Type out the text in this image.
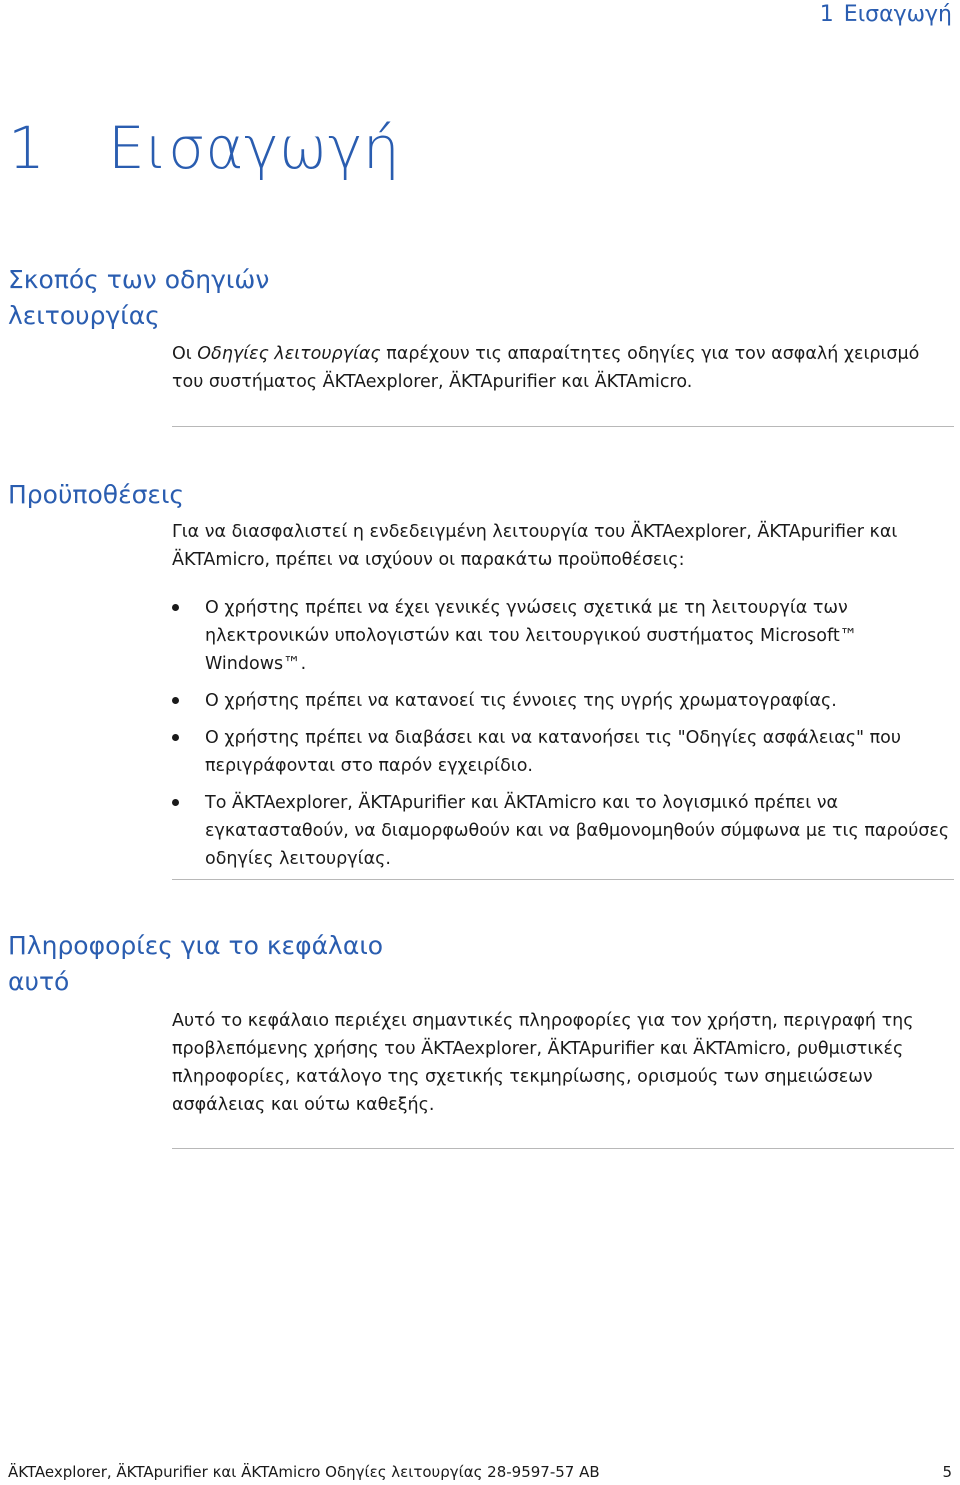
1 Εισαγωγή
1 Εισαγωγή
Σκοπός των οδηγιών λειτουργίας

Οι Οδηγίες λειτουργίας παρέχουν τις απαραίτητες οδηγίες για τον ασφαλή χειρισμό του συστήματος ÄKTAexplorer, ÄKTApurifier και ÄKTAmicro.

Προϋποθέσεις

Για να διασφαλιστεί η ενδεδειγμένη λειτουργία του ÄKTAexplorer, ÄKTApurifier και ÄKTAmicro, πρέπει να ισχύουν οι παρακάτω προϋποθέσεις:

Ο χρήστης πρέπει να έχει γενικές γνώσεις σχετικά με τη λειτουργία των ηλεκτρονικών υπολογιστών και του λειτουργικού συστήματος Microsoft™ Windows™.
Ο χρήστης πρέπει να κατανοεί τις έννοιες της υγρής χρωματογραφίας.
Ο χρήστης πρέπει να διαβάσει και να κατανοήσει τις "Οδηγίες ασφάλειας" που περιγράφονται στο παρόν εγχειρίδιο.
Το ÄKTAexplorer, ÄKTApurifier και ÄKTAmicro και το λογισμικό πρέπει να εγκατασταθούν, να διαμορφωθούν και να βαθμονομηθούν σύμφωνα με τις παρούσες οδηγίες λειτουργίας.
Πληροφορίες για το κεφάλαιο αυτό

Αυτό το κεφάλαιο περιέχει σημαντικές πληροφορίες για τον χρήστη, περιγραφή της προβλεπόμενης χρήσης του ÄKTAexplorer, ÄKTApurifier και ÄKTAmicro, ρυθμιστικές πληροφορίες, κατάλογο της σχετικής τεκμηρίωσης, ορισμούς των σημειώσεων ασφάλειας και ούτω καθεξής.

ÄKTAexplorer, ÄKTApurifier και ÄKTAmicro Οδηγίες λειτουργίας 28-9597-57 AB	5
